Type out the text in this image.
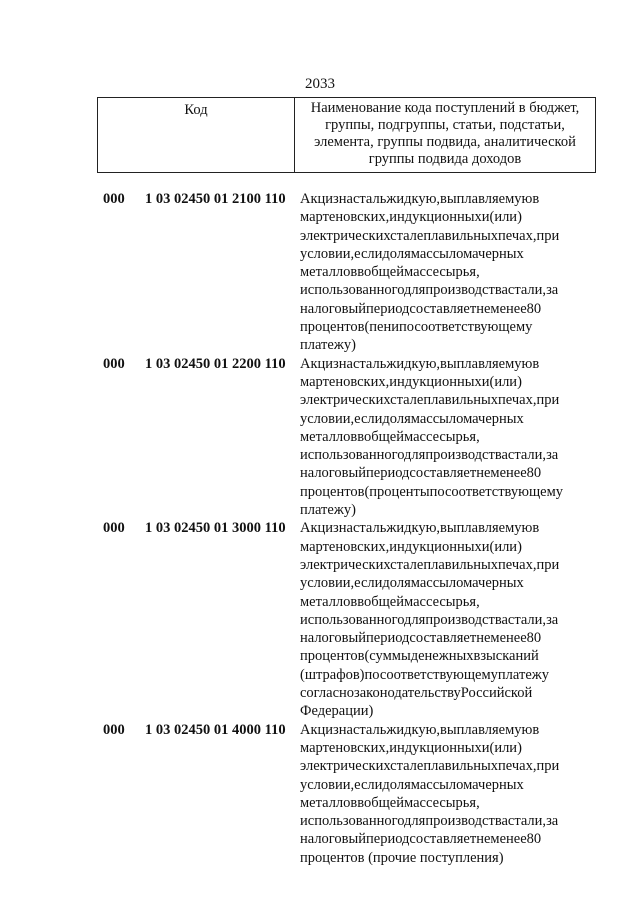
2033
Код	Наименование кода поступлений в бюджет,
группы, подгруппы, статьи, подстатьи,
элемента, группы подвида, аналитической
группы подвида доходов
000 1 03 02450 01 2100 110 Акцизнастальжидкую,выплавляемуюв
мартеновских,индукционныхи(или)
электрическихсталеплавильныхпечах,при
условии,еслидолямассыломачерных
металловвобщеймассесырья,
использованногодляпроизводствастали,за
налоговыйпериодсоставляетнеменее80
процентов(пенипосоответствующему
платежу)
000 1 03 02450 01 2200 110 Акцизнастальжидкую,выплавляемуюв
мартеновских,индукционныхи(или)
электрическихсталеплавильныхпечах,при
условии,еслидолямассыломачерных
металловвобщеймассесырья,
использованногодляпроизводствастали,за
налоговыйпериодсоставляетнеменее80
процентов(процентыпосоответствующему
платежу)
000 1 03 02450 01 3000 110 Акцизнастальжидкую,выплавляемуюв
мартеновских,индукционныхи(или)
электрическихсталеплавильныхпечах,при
условии,еслидолямассыломачерных
металловвобщеймассесырья,
использованногодляпроизводствастали,за
налоговыйпериодсоставляетнеменее80
процентов(суммыденежныхвзысканий
(штрафов)посоответствующемуплатежу
согласнозаконодательствуРоссийской
Федерации)
000 1 03 02450 01 4000 110 Акцизнастальжидкую,выплавляемуюв
мартеновских,индукционныхи(или)
электрическихсталеплавильныхпечах,при
условии,еслидолямассыломачерных
металловвобщеймассесырья,
использованногодляпроизводствастали,за
налоговыйпериодсоставляетнеменее80
процентов (прочие поступления)
